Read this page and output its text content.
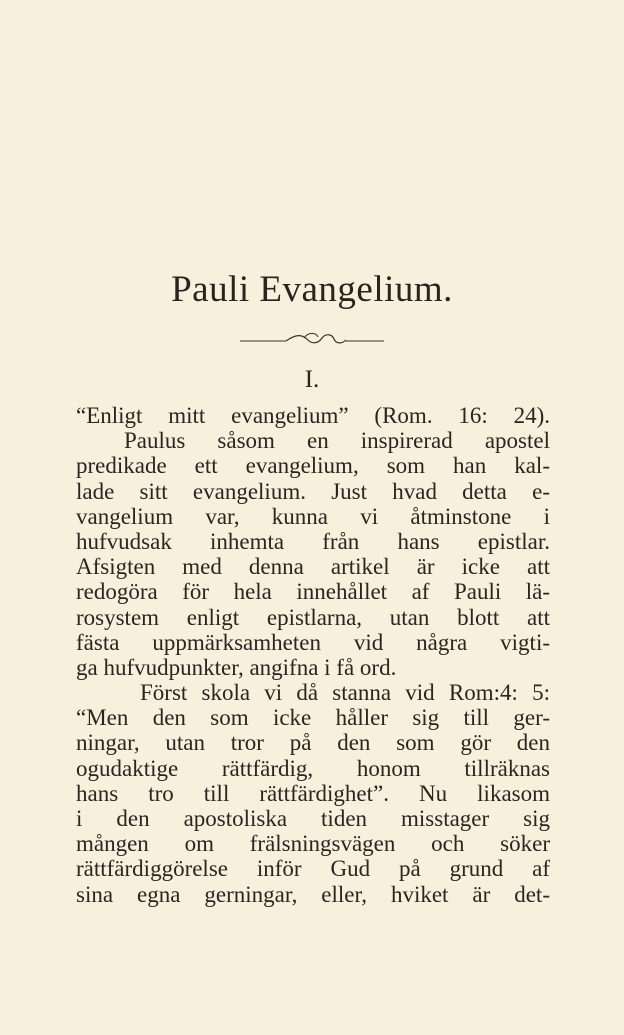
Pauli Evangelium.
I.
“Enligt mitt evangelium” (Rom. 16: 24).
Paulus såsom en inspirerad apostel
predikade ett evangelium, som han kal-
lade sitt evangelium. Just hvad detta e-
vangelium var, kunna vi åtminstone i
hufvudsak inhemta från hans epistlar.
Afsigten med denna artikel är icke att
redogöra för hela innehållet af Pauli lä-
rosystem enligt epistlarna, utan blott att
fästa uppmärksamheten vid några vigti-
ga hufvudpunkter, angifna i få ord.
Först skola vi då stanna vid Rom:4: 5:
“Men den som icke håller sig till ger-
ningar, utan tror på den som gör den
ogudaktige rättfärdig, honom tillräknas
hans tro till rättfärdighet”. Nu likasom
i den apostoliska tiden misstager sig
mången om frälsningsvägen och söker
rättfärdiggörelse inför Gud på grund af
sina egna gerningar, eller, hviket är det-
